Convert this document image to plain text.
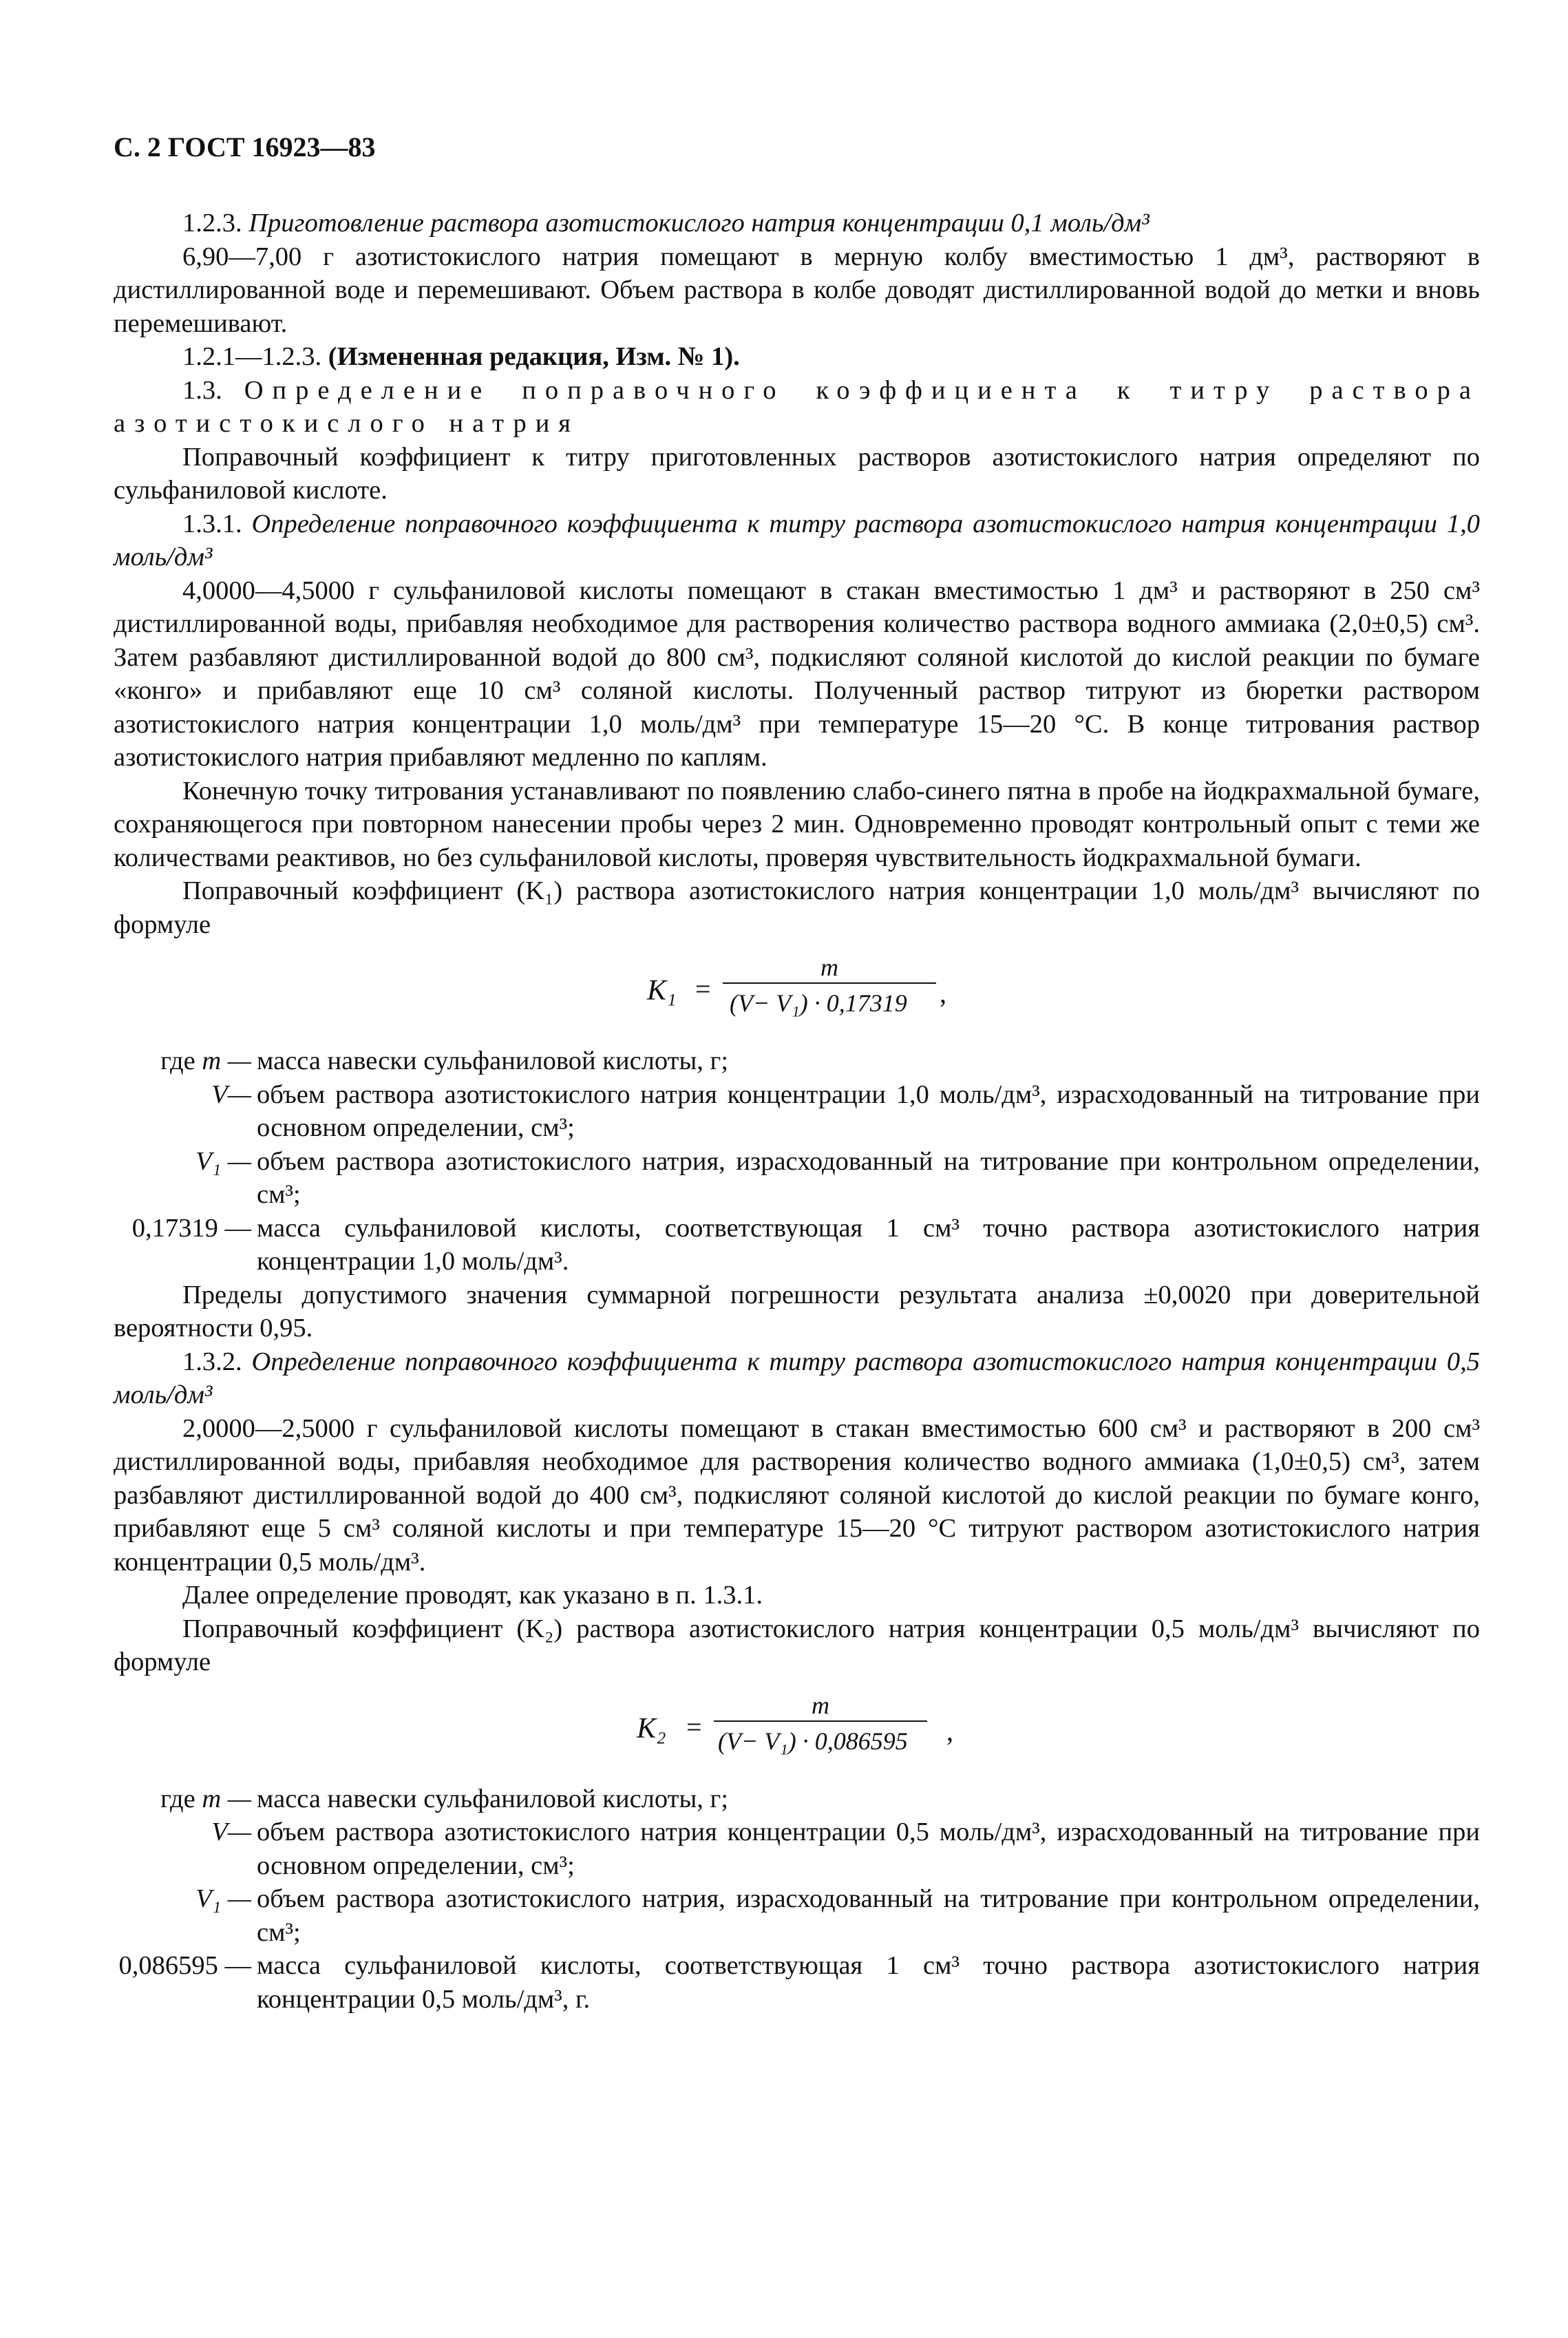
С. 2 ГОСТ 16923—83

1.2.3. Приготовление раствора азотистокислого натрия концентрации 0,1 моль/дм³

6,90—7,00 г азотистокислого натрия помещают в мерную колбу вместимостью 1 дм³, растворяют в дистиллированной воде и перемешивают. Объем раствора в колбе доводят дистиллированной водой до метки и вновь перемешивают.

1.2.1—1.2.3. (Измененная редакция, Изм. № 1).

1.3. Определение поправочного коэффициента к титру раствора азотистокислого натрия

Поправочный коэффициент к титру приготовленных растворов азотистокислого натрия определяют по сульфаниловой кислоте.

1.3.1. Определение поправочного коэффициента к титру раствора азотистокислого натрия концентрации 1,0 моль/дм³

4,0000—4,5000 г сульфаниловой кислоты помещают в стакан вместимостью 1 дм³ и растворяют в 250 см³ дистиллированной воды, прибавляя необходимое для растворения количество раствора водного аммиака (2,0±0,5) см³. Затем разбавляют дистиллированной водой до 800 см³, подкисляют соляной кислотой до кислой реакции по бумаге «конго» и прибавляют еще 10 см³ соляной кислоты. Полученный раствор титруют из бюретки раствором азотистокислого натрия концентрации 1,0 моль/дм³ при температуре 15—20 °С. В конце титрования раствор азотистокислого натрия прибавляют медленно по каплям.

Конечную точку титрования устанавливают по появлению слабо-синего пятна в пробе на йодкрахмальной бумаге, сохраняющегося при повторном нанесении пробы через 2 мин. Одновременно проводят контрольный опыт с теми же количествами реактивов, но без сульфаниловой кислоты, проверяя чувствительность йодкрахмальной бумаги.

Поправочный коэффициент (K₁) раствора азотистокислого натрия концентрации 1,0 моль/дм³ вычисляют по формуле

K₁ =
m
(V− V₁) · 0,17319	,

где m — масса навески сульфаниловой кислоты, г;

V— объем раствора азотистокислого натрия концентрации 1,0 моль/дм³, израсходованный на титрование при основном определении, см³;

V₁ — объем раствора азотистокислого натрия, израсходованный на титрование при контрольном определении, см³;

0,17319 — масса сульфаниловой кислоты, соответствующая 1 см³ точно раствора азотистокислого натрия концентрации 1,0 моль/дм³.

Пределы допустимого значения суммарной погрешности результата анализа ±0,0020 при доверительной вероятности 0,95.

1.3.2. Определение поправочного коэффициента к титру раствора азотистокислого натрия концентрации 0,5 моль/дм³

2,0000—2,5000 г сульфаниловой кислоты помещают в стакан вместимостью 600 см³ и растворяют в 200 см³ дистиллированной воды, прибавляя необходимое для растворения количество водного аммиака (1,0±0,5) см³, затем разбавляют дистиллированной водой до 400 см³, подкисляют соляной кислотой до кислой реакции по бумаге конго, прибавляют еще 5 см³ соляной кислоты и при температуре 15—20 °С титруют раствором азотистокислого натрия концентрации 0,5 моль/дм³.

Далее определение проводят, как указано в п. 1.3.1.

Поправочный коэффициент (K₂) раствора азотистокислого натрия концентрации 0,5 моль/дм³ вычисляют по формуле

K₂ =
m
(V− V₁) · 0,086595	,

где m — масса навески сульфаниловой кислоты, г;

V— объем раствора азотистокислого натрия концентрации 0,5 моль/дм³, израсходованный на титрование при основном определении, см³;

V₁ — объем раствора азотистокислого натрия, израсходованный на титрование при контрольном определении, см³;

0,086595 — масса сульфаниловой кислоты, соответствующая 1 см³ точно раствора азотистокислого натрия концентрации 0,5 моль/дм³, г.
